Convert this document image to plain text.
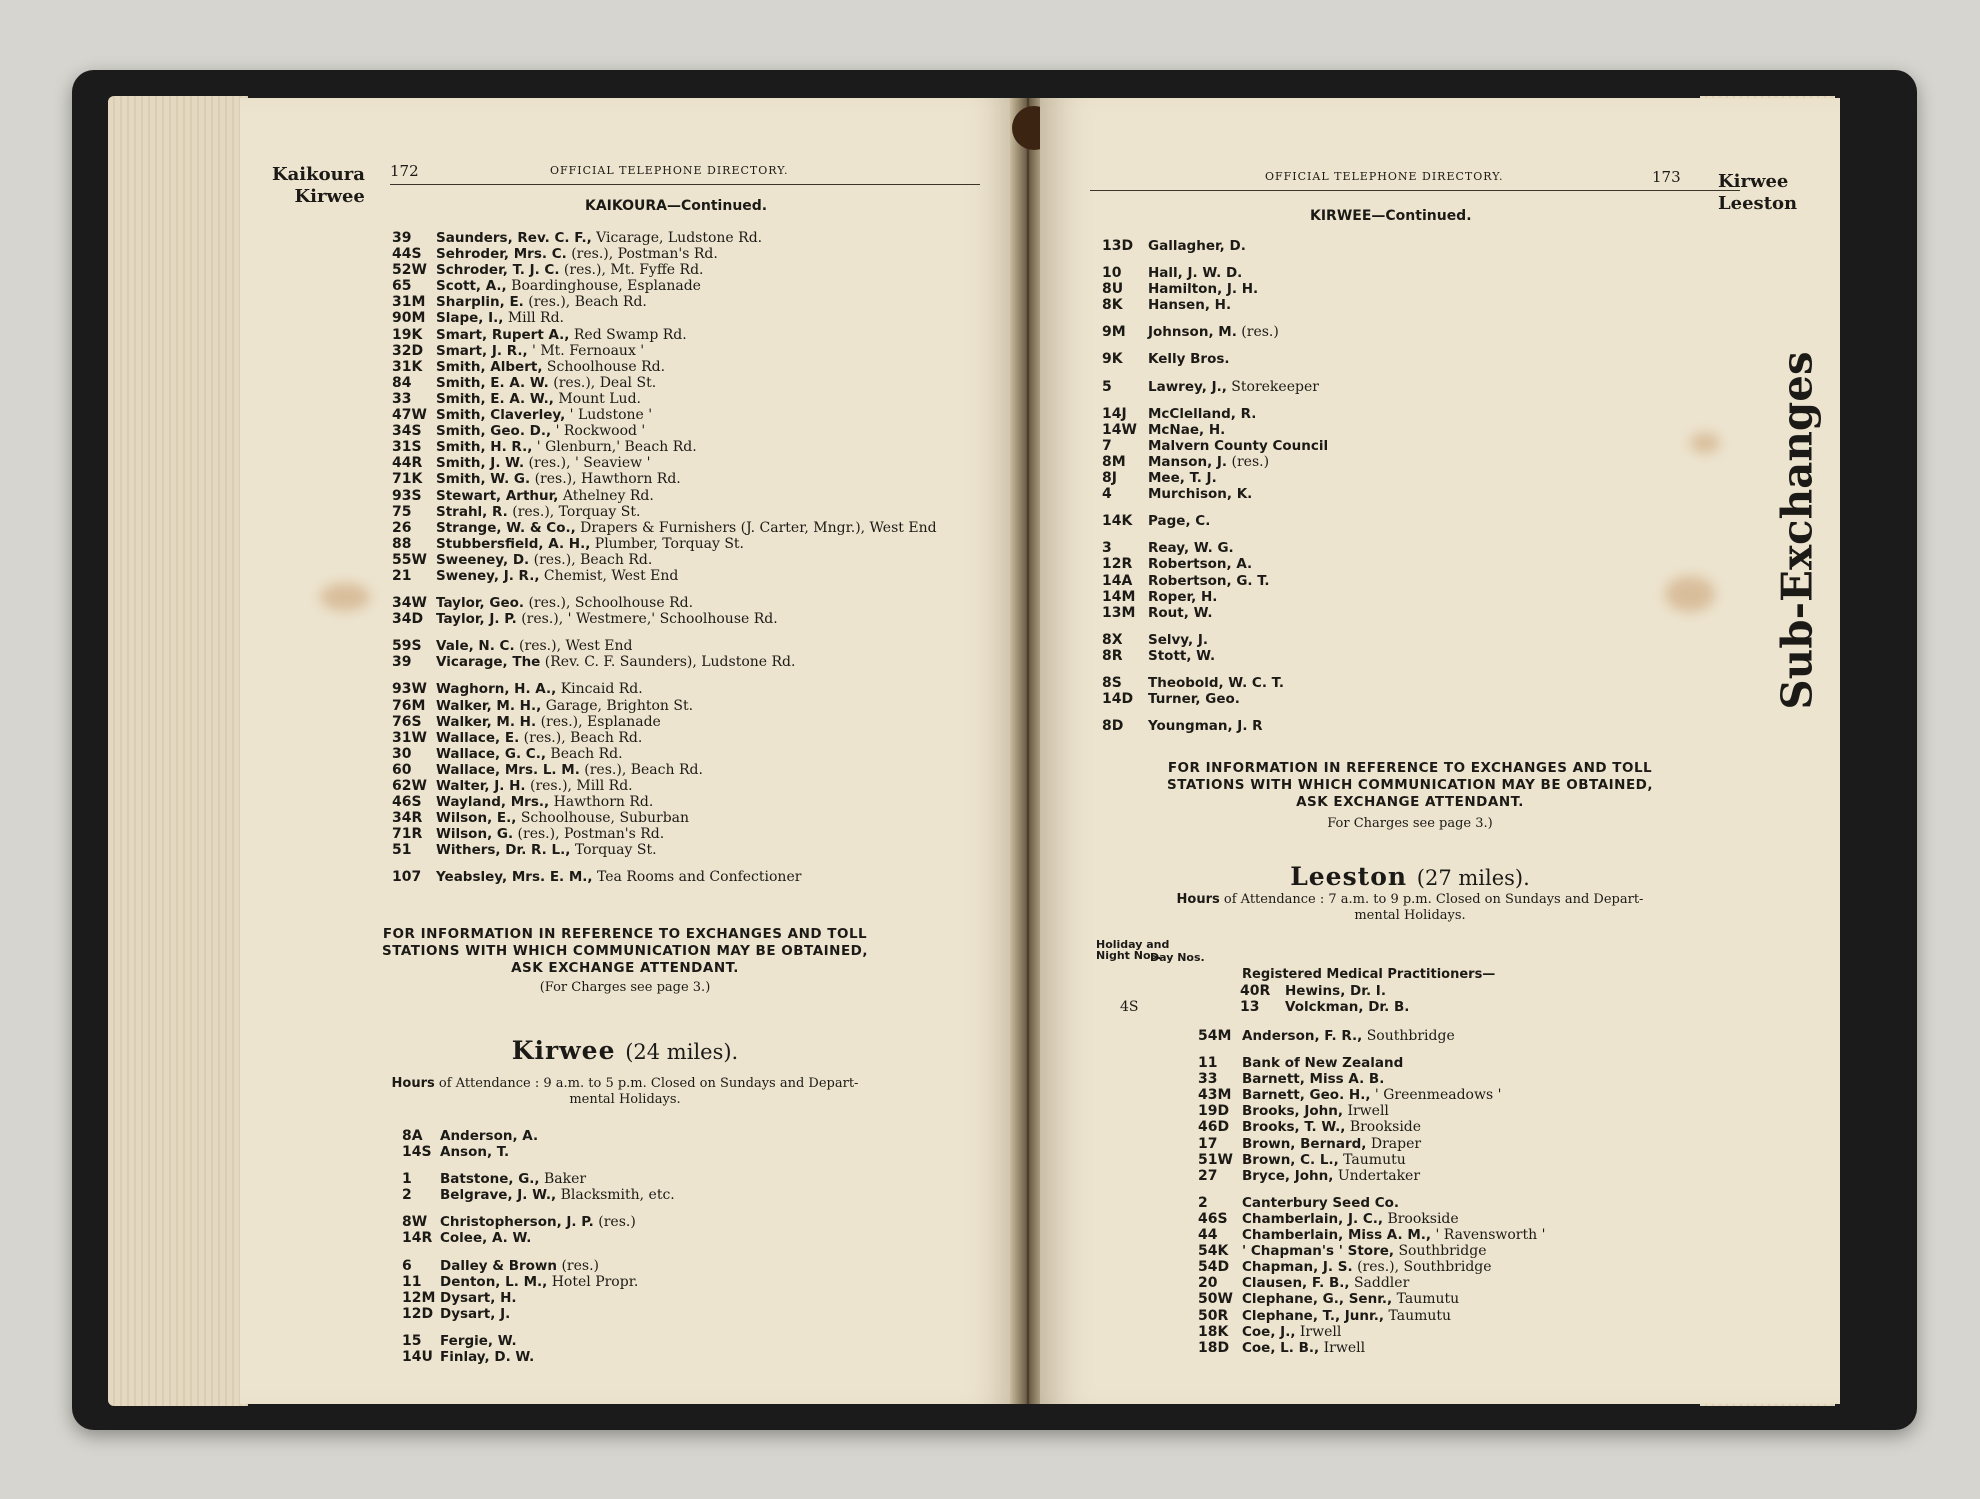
172	OFFICIAL TELEPHONE DIRECTORY.
KAIKOURA—Continued.
39 Saunders, Rev. C. F., Vicarage, Ludstone Rd.
44S Sehroder, Mrs. C. (res.), Postman's Rd.
52W Schroder, T. J. C. (res.), Mt. Fyffe Rd.
65 Scott, A., Boardinghouse, Esplanade
31M Sharplin, E. (res.), Beach Rd.
90M Slape, I., Mill Rd.
19K Smart, Rupert A., Red Swamp Rd.
32D Smart, J. R., ' Mt. Fernoaux '
31K Smith, Albert, Schoolhouse Rd.
84 Smith, E. A. W. (res.), Deal St.
33 Smith, E. A. W., Mount Lud.
47W Smith, Claverley, ' Ludstone '
34S Smith, Geo. D., ' Rockwood '
31S Smith, H. R., ' Glenburn,' Beach Rd.
44R Smith, J. W. (res.), ' Seaview '
71K Smith, W. G. (res.), Hawthorn Rd.
93S Stewart, Arthur, Athelney Rd.
75 Strahl, R. (res.), Torquay St.
26 Strange, W. & Co., Drapers & Furnishers (J. Carter, Mngr.), West End
88 Stubbersfield, A. H., Plumber, Torquay St.
55W Sweeney, D. (res.), Beach Rd.
21 Sweney, J. R., Chemist, West End
34W Taylor, Geo. (res.), Schoolhouse Rd.
34D Taylor, J. P. (res.), ' Westmere,' Schoolhouse Rd.
59S Vale, N. C. (res.), West End
39 Vicarage, The (Rev. C. F. Saunders), Ludstone Rd.
93W Waghorn, H. A., Kincaid Rd.
76M Walker, M. H., Garage, Brighton St.
76S Walker, M. H. (res.), Esplanade
31W Wallace, E. (res.), Beach Rd.
30 Wallace, G. C., Beach Rd.
60 Wallace, Mrs. L. M. (res.), Beach Rd.
62W Walter, J. H. (res.), Mill Rd.
46S Wayland, Mrs., Hawthorn Rd.
34R Wilson, E., Schoolhouse, Suburban
71R Wilson, G. (res.), Postman's Rd.
51 Withers, Dr. R. L., Torquay St.
107 Yeabsley, Mrs. E. M., Tea Rooms and Confectioner
FOR INFORMATION IN REFERENCE TO EXCHANGES AND TOLL
STATIONS WITH WHICH COMMUNICATION MAY BE OBTAINED,
ASK EXCHANGE ATTENDANT.
(For Charges see page 3.)
Kirwee (24 miles).
Hours of Attendance : 9 a.m. to 5 p.m. Closed on Sundays and Depart-
mental Holidays.
8A Anderson, A.
14S Anson, T.
1 Batstone, G., Baker
2 Belgrave, J. W., Blacksmith, etc.
8W Christopherson, J. P. (res.)
14R Colee, A. W.
6 Dalley & Brown (res.)
11 Denton, L. M., Hotel Propr.
12M Dysart, H.
12D Dysart, J.
15 Fergie, W.
14U Finlay, D. W.
Kaikoura
Kirwee
OFFICIAL TELEPHONE DIRECTORY.	173
KIRWEE—Continued.
13D Gallagher, D.
10 Hall, J. W. D.
8U Hamilton, J. H.
8K Hansen, H.
9M Johnson, M. (res.)
9K Kelly Bros.
5	Lawrey, J., Storekeeper
14J McClelland, R.
14W McNae, H.
7	Malvern County Council
8M Manson, J. (res.)
8J Mee, T. J.
4	Murchison, K.
14K Page, C.
3	Reay, W. G.
12R Robertson, A.
14A Robertson, G. T.
14M Roper, H.
13M Rout, W.
8X Selvy, J.
8R Stott, W.
8S Theobold, W. C. T.
14D Turner, Geo.
8D Youngman, J. R
FOR INFORMATION IN REFERENCE TO EXCHANGES AND TOLL
STATIONS WITH WHICH COMMUNICATION MAY BE OBTAINED,
ASK EXCHANGE ATTENDANT.
For Charges see page 3.)
Leeston (27 miles).
Hours of Attendance : 7 a.m. to 9 p.m. Closed on Sundays and Depart-
mental Holidays.
Holiday and
Night Nos.
Day Nos.
Registered Medical Practitioners—
40R Hewins, Dr. I.
4S	13 Volckman, Dr. B.
54M Anderson, F. R., Southbridge
11 Bank of New Zealand
33 Barnett, Miss A. B.
43M Barnett, Geo. H., ' Greenmeadows '
19D Brooks, John, Irwell
46D Brooks, T. W., Brookside
17 Brown, Bernard, Draper
51W Brown, C. L., Taumutu
27 Bryce, John, Undertaker
2	Canterbury Seed Co.
46S Chamberlain, J. C., Brookside
44 Chamberlain, Miss A. M., ' Ravensworth '
54K ' Chapman's ' Store, Southbridge
54D Chapman, J. S. (res.), Southbridge
20 Clausen, F. B., Saddler
50W Clephane, G., Senr., Taumutu
50R Clephane, T., Junr., Taumutu
18K Coe, J., Irwell
18D Coe, L. B., Irwell
Kirwee
Leeston
Sub-Exchanges
